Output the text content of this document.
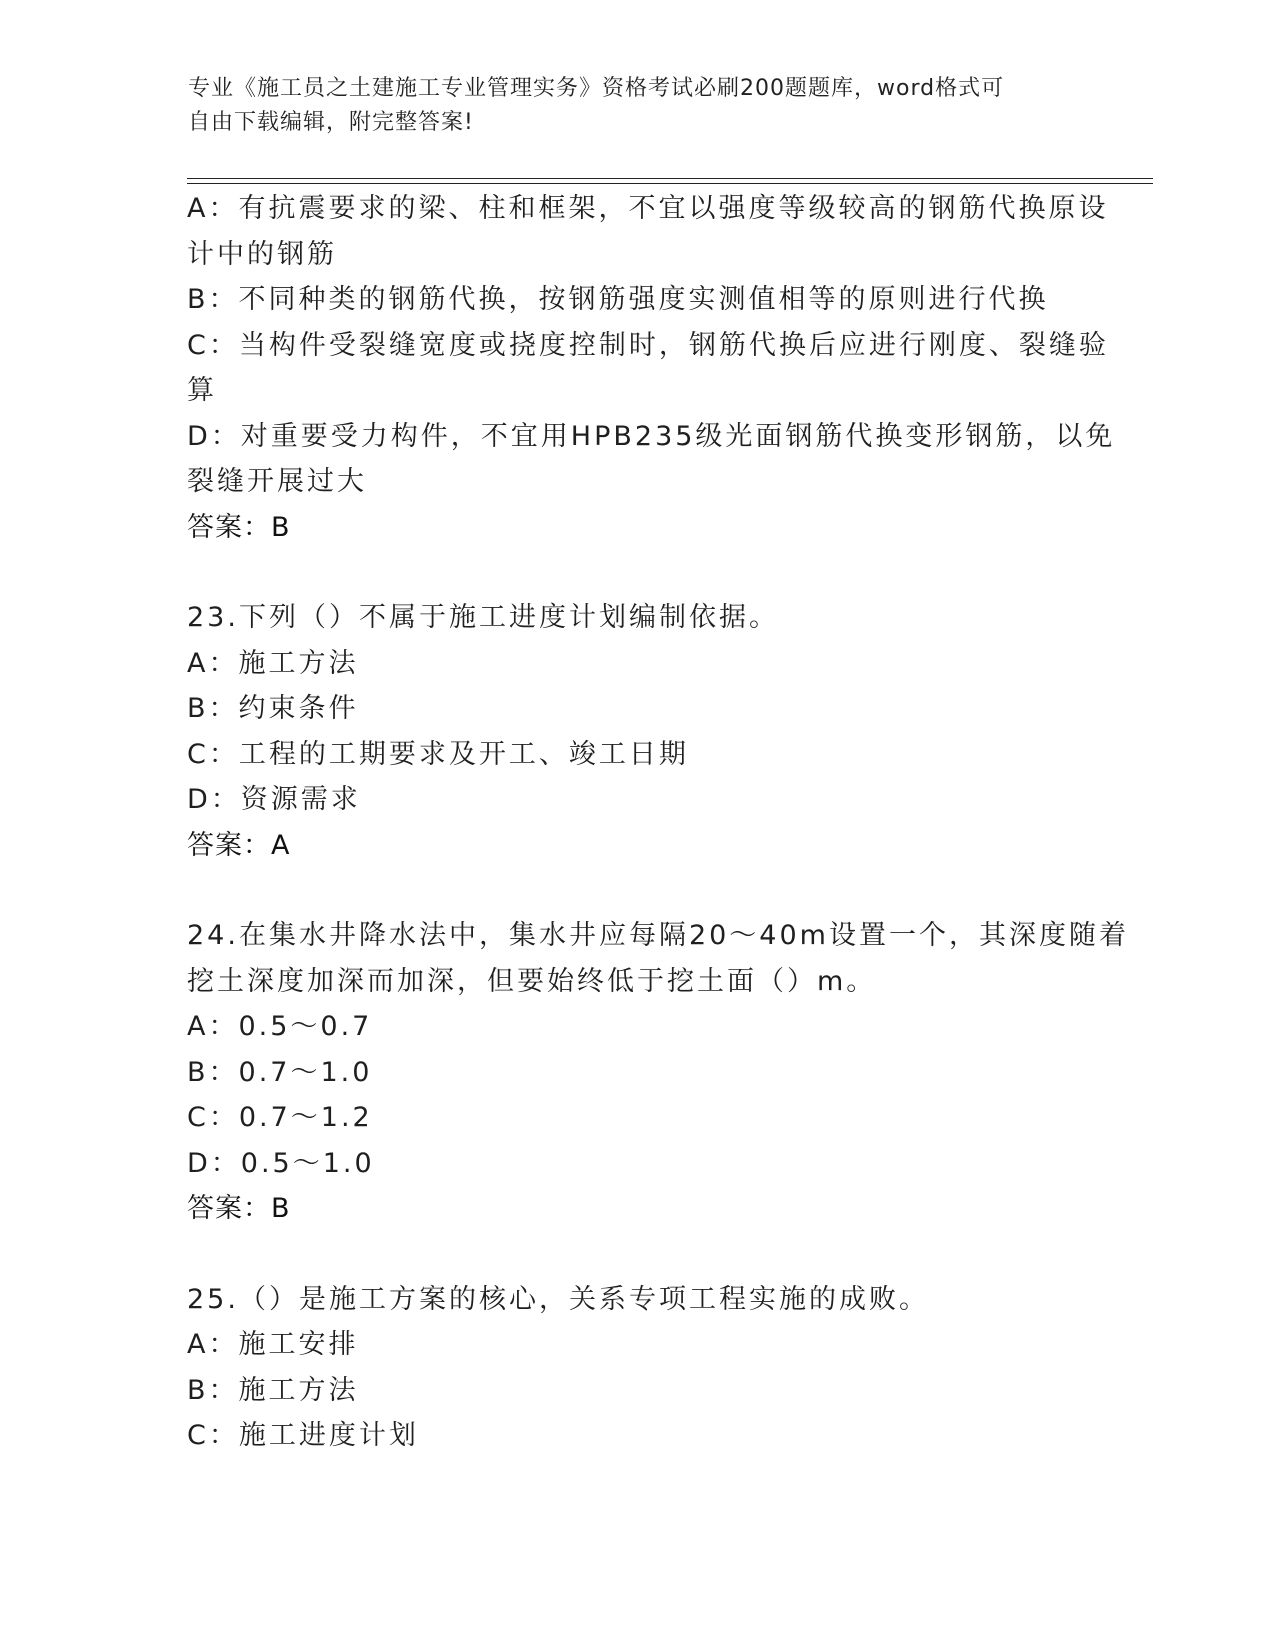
专业《施工员之土建施工专业管理实务》资格考试必刷200题题库，word格式可
自由下载编辑，附完整答案!
A：有抗震要求的梁、柱和框架，不宜以强度等级较高的钢筋代换原设
计中的钢筋
B：不同种类的钢筋代换，按钢筋强度实测值相等的原则进行代换
C：当构件受裂缝宽度或挠度控制时，钢筋代换后应进行刚度、裂缝验
算
D：对重要受力构件，不宜用HPB235级光面钢筋代换变形钢筋，以免
裂缝开展过大
答案：B
23.下列（）不属于施工进度计划编制依据。
A：施工方法
B：约束条件
C：工程的工期要求及开工、竣工日期
D：资源需求
答案：A
24.在集水井降水法中，集水井应每隔20～40m设置一个，其深度随着
挖土深度加深而加深，但要始终低于挖土面（）m。
A：0.5～0.7
B：0.7～1.0
C：0.7～1.2
D：0.5～1.0
答案：B
25.（）是施工方案的核心，关系专项工程实施的成败。
A：施工安排
B：施工方法
C：施工进度计划
